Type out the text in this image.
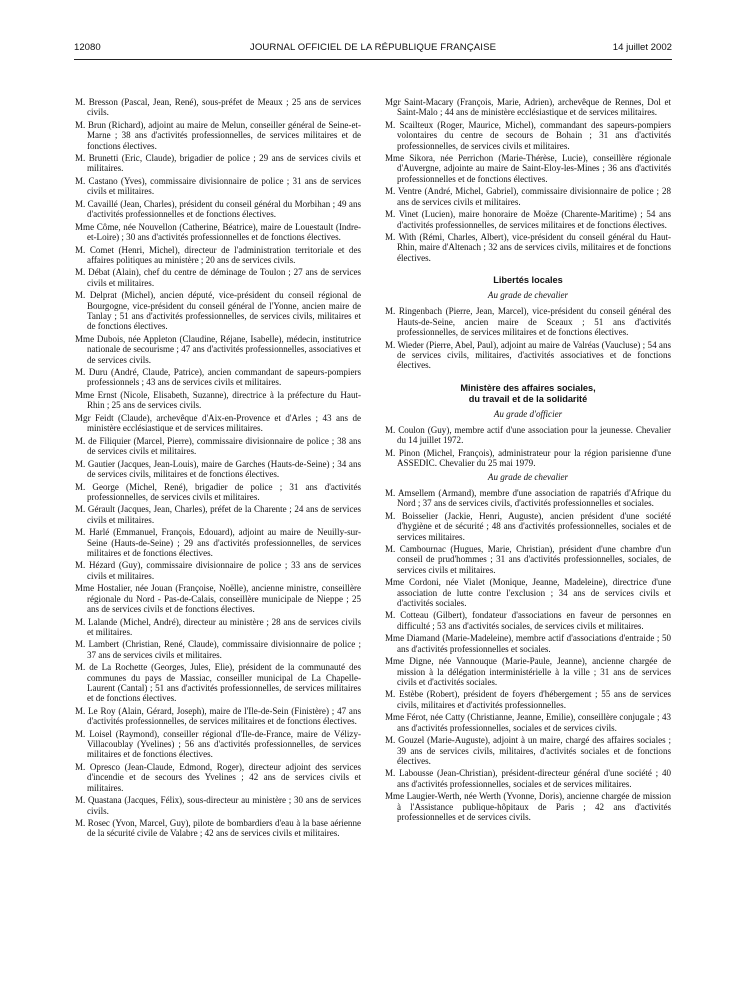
12080	JOURNAL OFFICIEL DE LA RÉPUBLIQUE FRANÇAISE	14 juillet 2002

M. Bresson (Pascal, Jean, René), sous-préfet de Meaux ; 25 ans de services civils.

M. Brun (Richard), adjoint au maire de Melun, conseiller général de Seine-et-Marne ; 38 ans d'activités professionnelles, de services militaires et de fonctions électives.

M. Brunetti (Eric, Claude), brigadier de police ; 29 ans de services civils et militaires.

M. Castano (Yves), commissaire divisionnaire de police ; 31 ans de services civils et militaires.

M. Cavaillé (Jean, Charles), président du conseil général du Morbihan ; 49 ans d'activités professionnelles et de fonctions électives.

Mme Côme, née Nouvellon (Catherine, Béatrice), maire de Louestault (Indre-et-Loire) ; 30 ans d'activités professionnelles et de fonctions électives.

M. Comet (Henri, Michel), directeur de l'administration territoriale et des affaires politiques au ministère ; 20 ans de services civils.

M. Débat (Alain), chef du centre de déminage de Toulon ; 27 ans de services civils et militaires.

M. Delprat (Michel), ancien député, vice-président du conseil régional de Bourgogne, vice-président du conseil général de l'Yonne, ancien maire de Tanlay ; 51 ans d'activités professionnelles, de services civils, militaires et de fonctions électives.

Mme Dubois, née Appleton (Claudine, Réjane, Isabelle), médecin, institutrice nationale de secourisme ; 47 ans d'activités professionnelles, associatives et de services civils.

M. Duru (André, Claude, Patrice), ancien commandant de sapeurs-pompiers professionnels ; 43 ans de services civils et militaires.

Mme Ernst (Nicole, Elisabeth, Suzanne), directrice à la préfecture du Haut-Rhin ; 25 ans de services civils.

Mgr Feidt (Claude), archevêque d'Aix-en-Provence et d'Arles ; 43 ans de ministère ecclésiastique et de services militaires.

M. de Filiquier (Marcel, Pierre), commissaire divisionnaire de police ; 38 ans de services civils et militaires.

M. Gautier (Jacques, Jean-Louis), maire de Garches (Hauts-de-Seine) ; 34 ans de services civils, militaires et de fonctions électives.

M. George (Michel, René), brigadier de police ; 31 ans d'activités professionnelles, de services civils et militaires.

M. Gérault (Jacques, Jean, Charles), préfet de la Charente ; 24 ans de services civils et militaires.

M. Harlé (Emmanuel, François, Edouard), adjoint au maire de Neuilly-sur-Seine (Hauts-de-Seine) ; 29 ans d'activités professionnelles, de services militaires et de fonctions électives.

M. Hézard (Guy), commissaire divisionnaire de police ; 33 ans de services civils et militaires.

Mme Hostalier, née Jouan (Françoise, Noëlle), ancienne ministre, conseillère régionale du Nord - Pas-de-Calais, conseillère municipale de Nieppe ; 25 ans de services civils et de fonctions électives.

M. Lalande (Michel, André), directeur au ministère ; 28 ans de services civils et militaires.

M. Lambert (Christian, René, Claude), commissaire divisionnaire de police ; 37 ans de services civils et militaires.

M. de La Rochette (Georges, Jules, Elie), président de la communauté des communes du pays de Massiac, conseiller municipal de La Chapelle-Laurent (Cantal) ; 51 ans d'activités professionnelles, de services militaires et de fonctions électives.

M. Le Roy (Alain, Gérard, Joseph), maire de l'Ile-de-Sein (Finistère) ; 47 ans d'activités professionnelles, de services militaires et de fonctions électives.

M. Loisel (Raymond), conseiller régional d'Ile-de-France, maire de Vélizy-Villacoublay (Yvelines) ; 56 ans d'activités professionnelles, de services militaires et de fonctions électives.

M. Opresco (Jean-Claude, Edmond, Roger), directeur adjoint des services d'incendie et de secours des Yvelines ; 42 ans de services civils et militaires.

M. Quastana (Jacques, Félix), sous-directeur au ministère ; 30 ans de services civils.

M. Rosec (Yvon, Marcel, Guy), pilote de bombardiers d'eau à la base aérienne de la sécurité civile de Valabre ; 42 ans de services civils et militaires.

Mgr Saint-Macary (François, Marie, Adrien), archevêque de Rennes, Dol et Saint-Malo ; 44 ans de ministère ecclésiastique et de services militaires.

M. Scailteux (Roger, Maurice, Michel), commandant des sapeurs-pompiers volontaires du centre de secours de Bohain ; 31 ans d'activités professionnelles, de services civils et militaires.

Mme Sikora, née Perrichon (Marie-Thérèse, Lucie), conseillère régionale d'Auvergne, adjointe au maire de Saint-Eloy-les-Mines ; 36 ans d'activités professionnelles et de fonctions électives.

M. Ventre (André, Michel, Gabriel), commissaire divisionnaire de police ; 28 ans de services civils et militaires.

M. Vinet (Lucien), maire honoraire de Moëze (Charente-Maritime) ; 54 ans d'activités professionnelles, de services militaires et de fonctions électives.

M. With (Rémi, Charles, Albert), vice-président du conseil général du Haut-Rhin, maire d'Altenach ; 32 ans de services civils, militaires et de fonctions électives.

Libertés locales
Au grade de chevalier

M. Ringenbach (Pierre, Jean, Marcel), vice-président du conseil général des Hauts-de-Seine, ancien maire de Sceaux ; 51 ans d'activités professionnelles, de services militaires et de fonctions électives.

M. Wieder (Pierre, Abel, Paul), adjoint au maire de Valréas (Vaucluse) ; 54 ans de services civils, militaires, d'activités associatives et de fonctions électives.

Ministère des affaires sociales,
du travail et de la solidarité
Au grade d'officier

M. Coulon (Guy), membre actif d'une association pour la jeunesse. Chevalier du 14 juillet 1972.

M. Pinon (Michel, François), administrateur pour la région parisienne d'une ASSEDIC. Chevalier du 25 mai 1979.

Au grade de chevalier

M. Amsellem (Armand), membre d'une association de rapatriés d'Afrique du Nord ; 37 ans de services civils, d'activités professionnelles et sociales.

M. Boisselier (Jackie, Henri, Auguste), ancien président d'une société d'hygiène et de sécurité ; 48 ans d'activités professionnelles, sociales et de services militaires.

M. Cambournac (Hugues, Marie, Christian), président d'une chambre d'un conseil de prud'hommes ; 31 ans d'activités professionnelles, sociales, de services civils et militaires.

Mme Cordoni, née Vialet (Monique, Jeanne, Madeleine), directrice d'une association de lutte contre l'exclusion ; 34 ans de services civils et d'activités sociales.

M. Cotteau (Gilbert), fondateur d'associations en faveur de personnes en difficulté ; 53 ans d'activités sociales, de services civils et militaires.

Mme Diamand (Marie-Madeleine), membre actif d'associations d'entraide ; 50 ans d'activités professionnelles et sociales.

Mme Digne, née Vannouque (Marie-Paule, Jeanne), ancienne chargée de mission à la délégation interministérielle à la ville ; 31 ans de services civils et d'activités sociales.

M. Estèbe (Robert), président de foyers d'hébergement ; 55 ans de services civils, militaires et d'activités professionnelles.

Mme Férot, née Catty (Christianne, Jeanne, Emilie), conseillère conjugale ; 43 ans d'activités professionnelles, sociales et de services civils.

M. Gouzel (Marie-Auguste), adjoint à un maire, chargé des affaires sociales ; 39 ans de services civils, militaires, d'activités sociales et de fonctions électives.

M. Labousse (Jean-Christian), président-directeur général d'une société ; 40 ans d'activités professionnelles, sociales et de services militaires.

Mme Laugier-Werth, née Werth (Yvonne, Doris), ancienne chargée de mission à l'Assistance publique-hôpitaux de Paris ; 42 ans d'activités professionnelles et de services civils.
